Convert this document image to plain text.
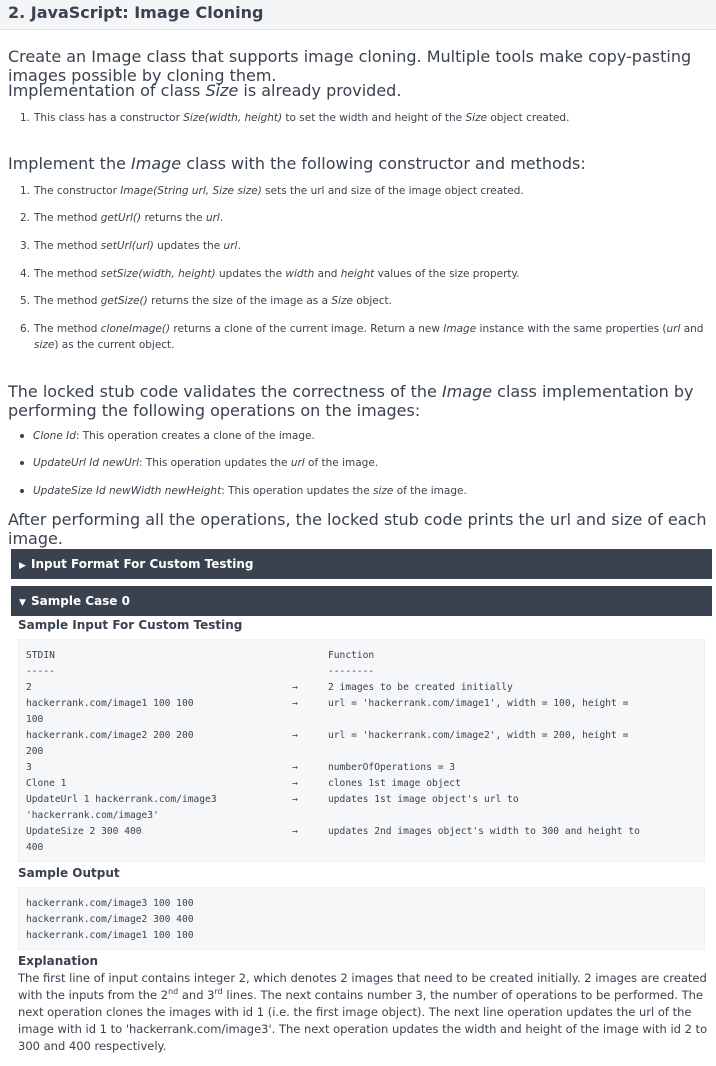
2. JavaScript: Image Cloning

Create an Image class that supports image cloning. Multiple tools make copy-pasting images possible by cloning them.

Implementation of class Size is already provided.

1. This class has a constructor Size(width, height) to set the width and height of the Size object created.

Implement the Image class with the following constructor and methods:

1. The constructor Image(String url, Size size) sets the url and size of the image object created.
2. The method getUrl() returns the url.
3. The method setUrl(url) updates the url.
4. The method setSize(width, height) updates the width and height values of the size property.
5. The method getSize() returns the size of the image as a Size object.
6. The method cloneImage() returns a clone of the current image. Return a new Image instance with the same properties (url and size) as the current object.

The locked stub code validates the correctness of the Image class implementation by performing the following operations on the images:

Clone Id: This operation creates a clone of the image.
UpdateUrl Id newUrl: This operation updates the url of the image.
UpdateSize Id newWidth newHeight: This operation updates the size of the image.

After performing all the operations, the locked stub code prints the url and size of each image.

▶ Input Format For Custom Testing
▼ Sample Case 0
Sample Input For Custom Testing
STDIN	Function
-----	--------
2	→	2 images to be created initially
hackerrank.com/image1 100 100	→	url = 'hackerrank.com/image1', width = 100, height =
100
hackerrank.com/image2 200 200	→	url = 'hackerrank.com/image2', width = 200, height =
200
3	→	numberOfOperations = 3
Clone 1	→	clones 1st image object
UpdateUrl 1 hackerrank.com/image3	→	updates 1st image object's url to
'hackerrank.com/image3'
UpdateSize 2 300 400	→	updates 2nd images object's width to 300 and height to
400
Sample Output
hackerrank.com/image3 100 100
hackerrank.com/image2 300 400
hackerrank.com/image1 100 100
Explanation
The first line of input contains integer 2, which denotes 2 images that need to be created initially. 2 images are created with the inputs from the 2nd and 3rd lines. The next contains number 3, the number of operations to be performed. The next operation clones the images with id 1 (i.e. the first image object). The next line operation updates the url of the image with id 1 to 'hackerrank.com/image3'. The next operation updates the width and height of the image with id 2 to 300 and 400 respectively.
